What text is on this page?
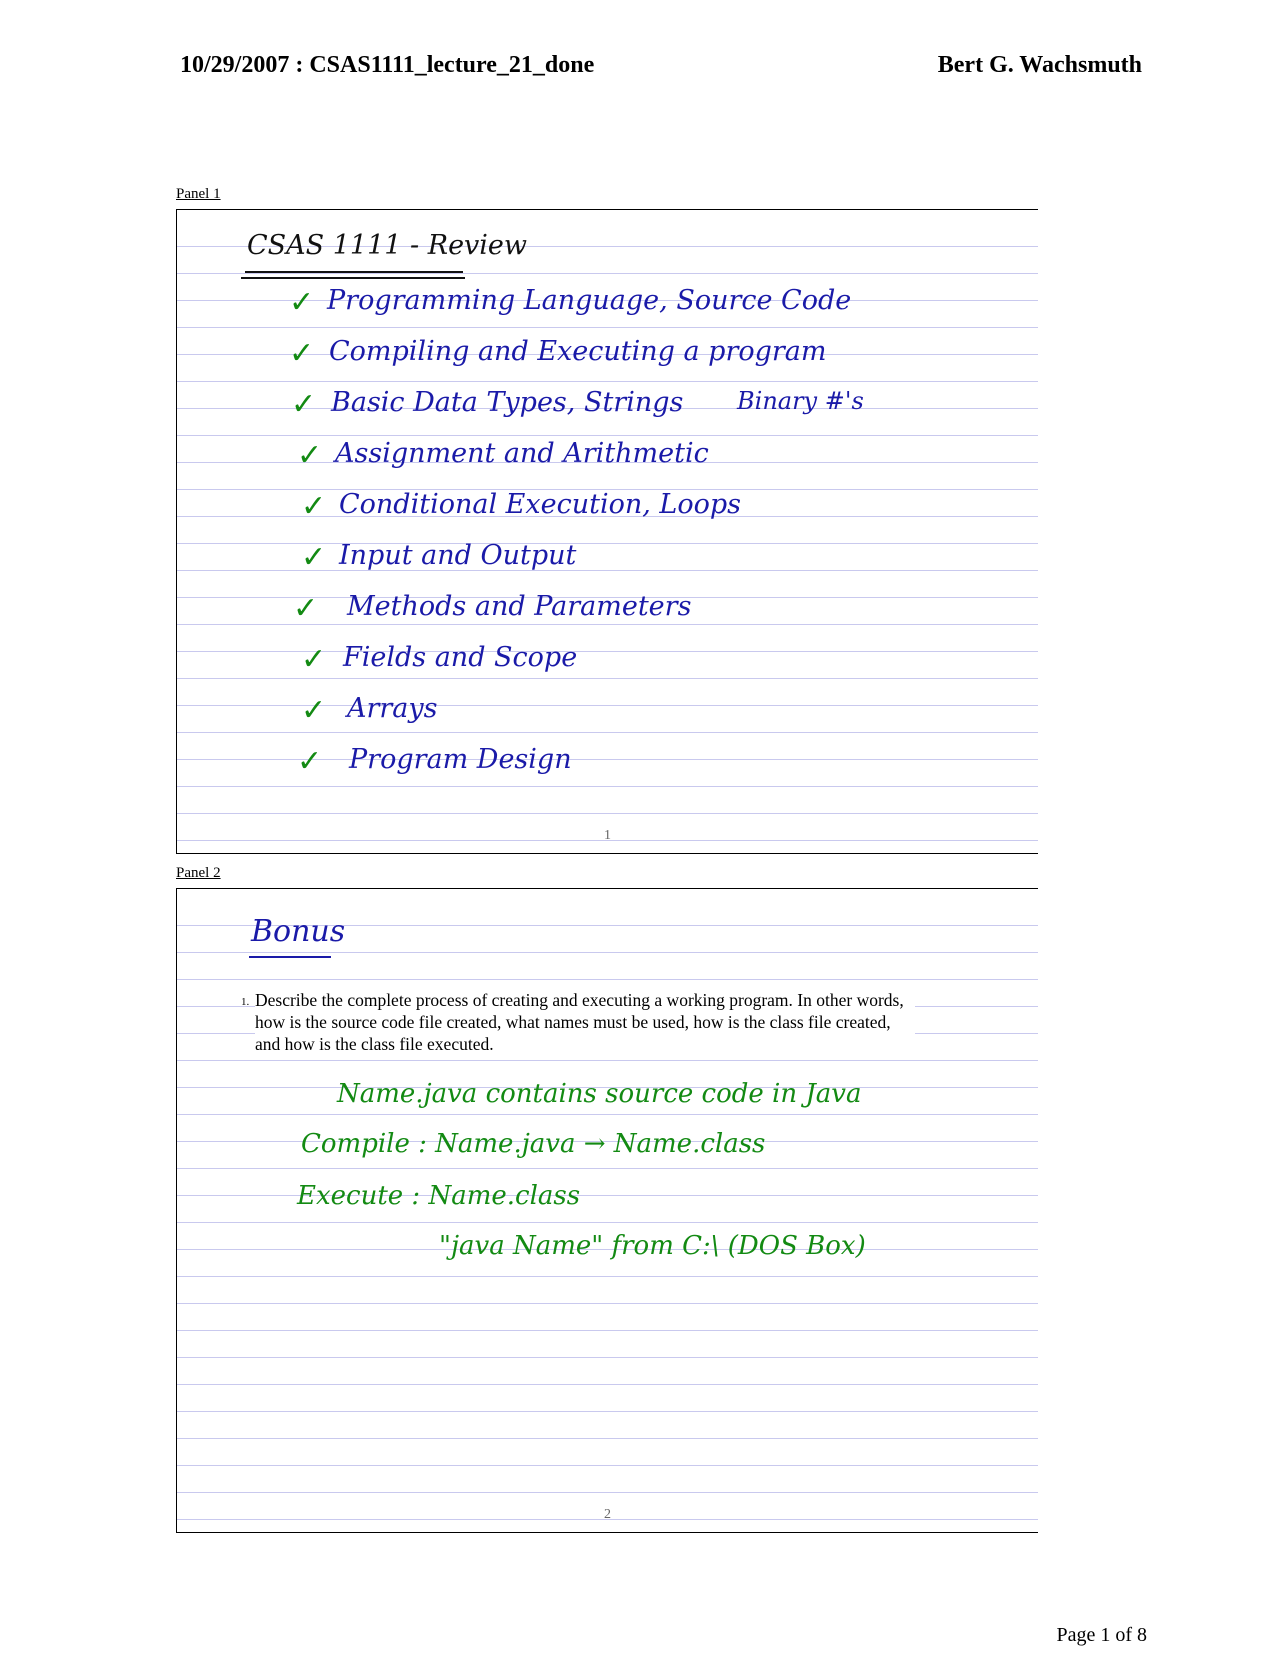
10/29/2007 : CSAS1111_lecture_21_done	Bert G. Wachsmuth
Panel 1
CSAS 1111 - Review
✓ Programming Language, Source Code
✓ Compiling and Executing a program
✓ Basic Data Types, Strings Binary #'s
✓ Assignment and Arithmetic
✓ Conditional Execution, Loops
✓ Input and Output
✓ Methods and Parameters
✓ Fields and Scope
✓ Arrays
✓ Program Design
1
Panel 2
Bonus
1. Describe the complete process of creating and executing a working program. In other words, how is the source code file created, what names must be used, how is the class file created, and how is the class file executed.
Name.java contains source code in Java
Compile : Name.java → Name.class
Execute : Name.class
"java Name" from C:\ (DOS Box)
2
Page 1 of 8
